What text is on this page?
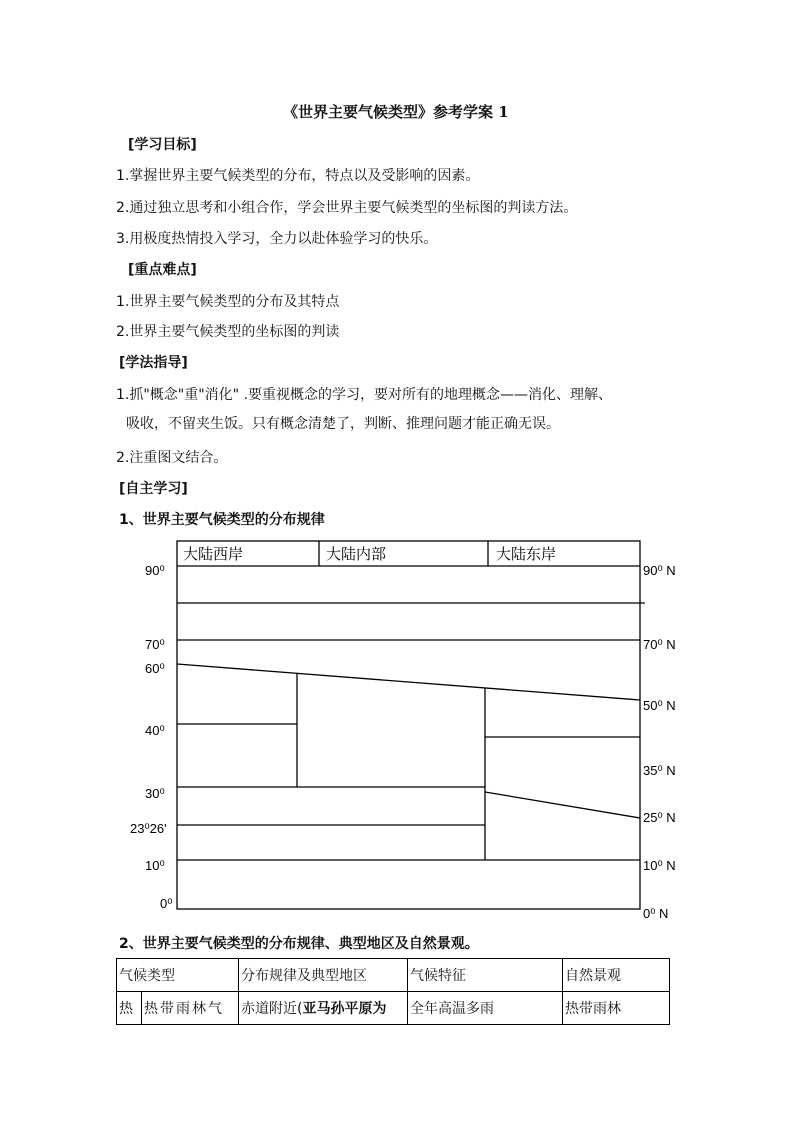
《世界主要气候类型》参考学案 1
[学习目标]
1.掌握世界主要气候类型的分布，特点以及受影响的因素。
2.通过独立思考和小组合作，学会世界主要气候类型的坐标图的判读方法。
3.用极度热情投入学习，全力以赴体验学习的快乐。
[重点难点]
1.世界主要气候类型的分布及其特点
2.世界主要气候类型的坐标图的判读
[学法指导]
1.抓"概念"重"消化" .要重视概念的学习，要对所有的地理概念——消化、理解、
吸收，不留夹生饭。只有概念清楚了，判断、推理问题才能正确无误。
2.注重图文结合。
[自主学习]
1、世界主要气候类型的分布规律
大陆西岸	大陆内部	大陆东岸
90⁰
70⁰
60⁰
40⁰
30⁰
23⁰26'
10⁰
0⁰
90⁰ N
70⁰ N
50⁰ N
35⁰ N
25⁰ N
10⁰ N
0⁰ N
2、世界主要气候类型的分布规律、典型地区及自然景观。
气候类型		分布规律及典型地区	气候特征	自然景观
热	热带雨林气	赤道附近(亚马孙平原为	全年高温多雨	热带雨林
